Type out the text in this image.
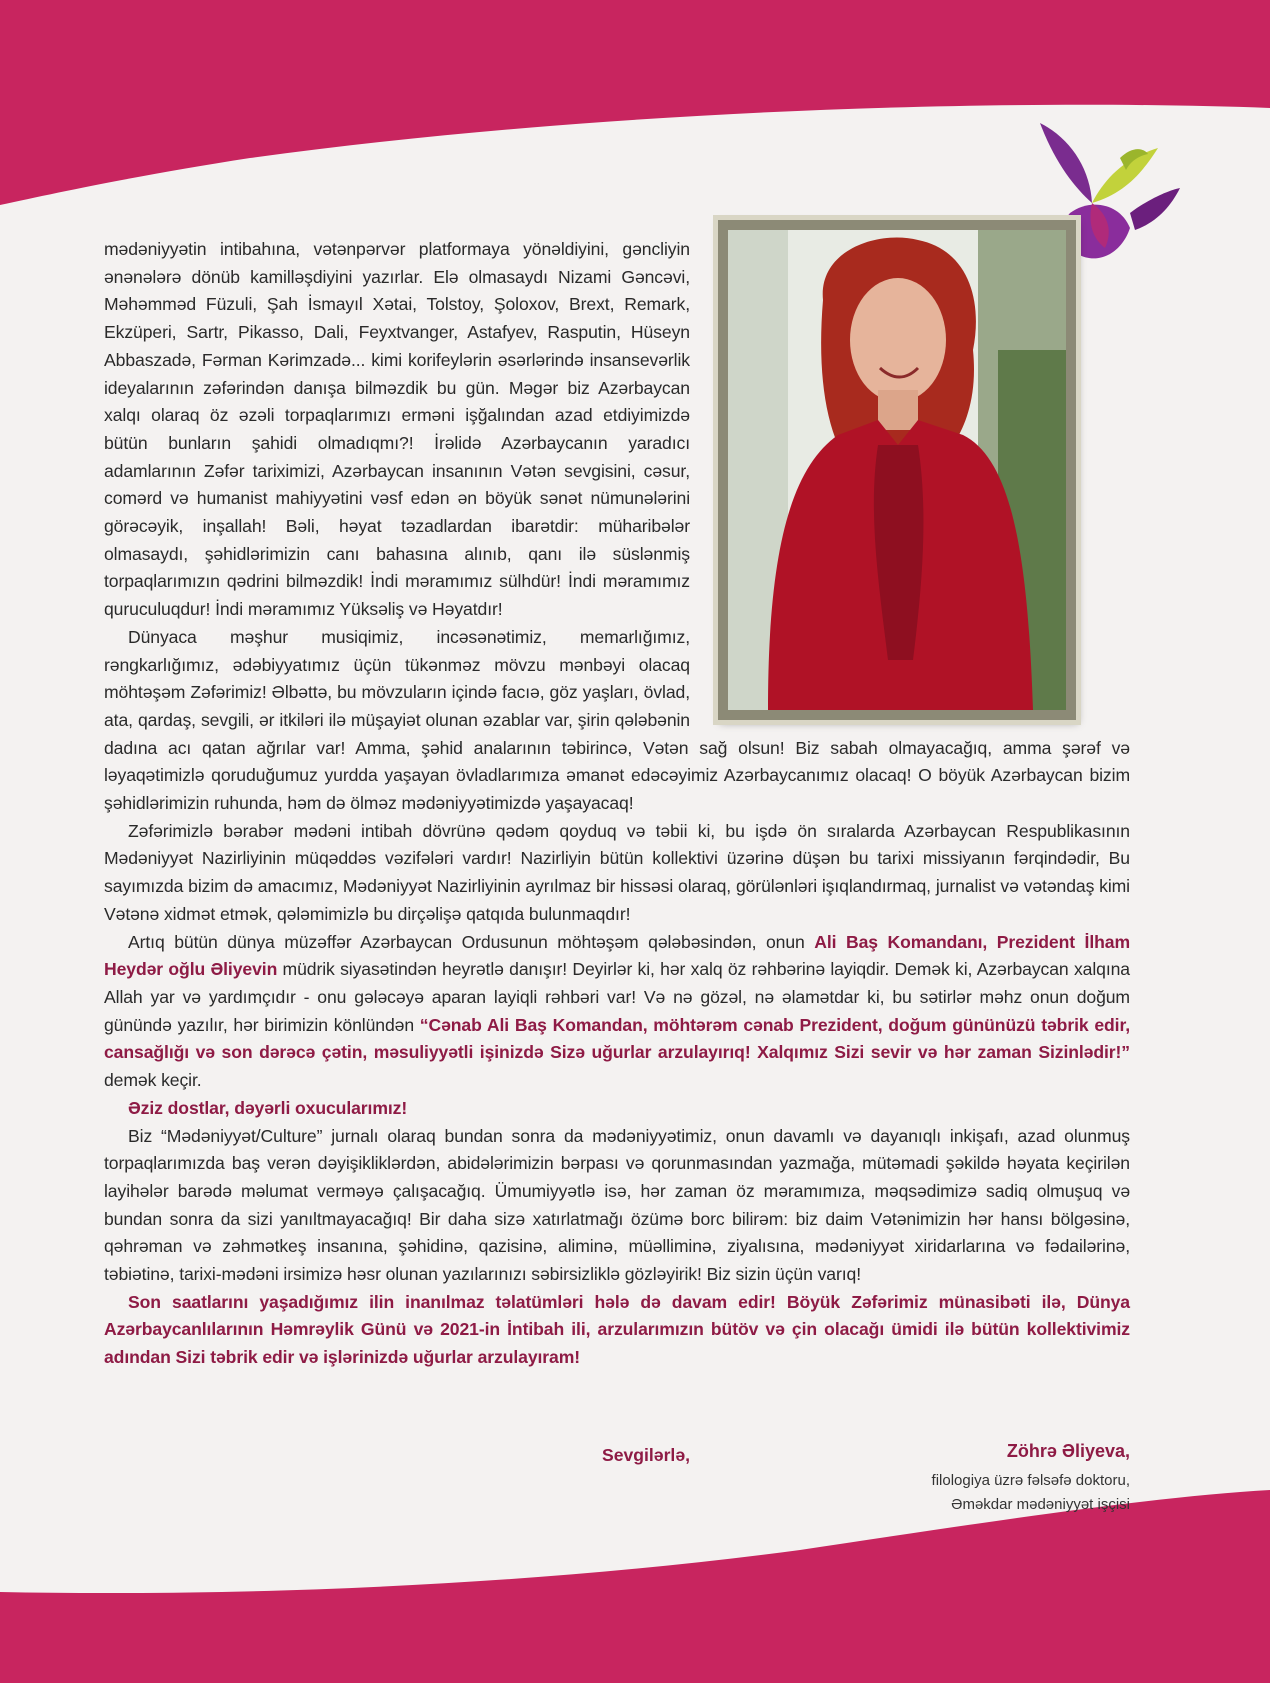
mədəniyyətin intibahına, vətənpərvər platformaya yönəldiyini, gəncliyin ənənələrə dönüb kamilləşdiyini yazırlar. Elə olmasaydı Nizami Gəncəvi, Məhəmməd Füzuli, Şah İsmayıl Xətai, Tolstoy, Şoloxov, Brext, Remark, Ekzüperi, Sartr, Pikasso, Dali, Feyxtvanger, Astafyev, Rasputin, Hüseyn Abbaszadə, Fərman Kərimzadə... kimi korifeylərin əsərlərində insansevərlik ideyalarının zəfərindən danışa bilməzdik bu gün. Məgər biz Azərbaycan xalqı olaraq öz əzəli torpaqlarımızı erməni işğalından azad etdiyimizdə bütün bunların şahidi olmadıqmı?! İrəlidə Azərbaycanın yaradıcı adamlarının Zəfər tariximizi, Azərbaycan insanının Vətən sevgisini, cəsur, comərd və humanist mahiyyətini vəsf edən ən böyük sənət nümunələrini görəcəyik, inşallah! Bəli, həyat təzadlardan ibarətdir: müharibələr olmasaydı, şəhidlərimizin canı bahasına alınıb, qanı ilə süslənmiş torpaqlarımızın qədrini bilməzdik! İndi məramımız sülhdür! İndi məramımız quruculuqdur! İndi məramımız Yüksəliş və Həyatdır!

Dünyaca məşhur musiqimiz, incəsənətimiz, memarlığımız, rəngkarlığımız, ədəbiyyatımız üçün tükənməz mövzu mənbəyi olacaq möhtəşəm Zəfərimiz! Əlbəttə, bu mövzuların içində facıə, göz yaşları, övlad, ata, qardaş, sevgili, ər itkiləri ilə müşayiət olunan əzablar var, şirin qələbənin dadına acı qatan ağrılar var! Amma, şəhid analarının təbirincə, Vətən sağ olsun! Biz sabah olmayacağıq, amma şərəf və ləyaqətimizlə qoruduğumuz yurdda yaşayan övladlarımıza əmanət edəcəyimiz Azərbaycanımız olacaq! O böyük Azərbaycan bizim şəhidlərimizin ruhunda, həm də ölməz mədəniyyətimizdə yaşayacaq!

Zəfərimizlə bərabər mədəni intibah dövrünə qədəm qoyduq və təbii ki, bu işdə ön sıralarda Azərbaycan Respublikasının Mədəniyyət Nazirliyinin müqəddəs vəzifələri vardır! Nazirliyin bütün kollektivi üzərinə düşən bu tarixi missiyanın fərqindədir, Bu sayımızda bizim də amacımız, Mədəniyyət Nazirliyinin ayrılmaz bir hissəsi olaraq, görülənləri işıqlandırmaq, jurnalist və vətəndaş kimi Vətənə xidmət etmək, qələmimizlə bu dirçəlişə qatqıda bulunmaqdır!

Artıq bütün dünya müzəffər Azərbaycan Ordusunun möhtəşəm qələbəsindən, onun Ali Baş Komandanı, Prezident İlham Heydər oğlu Əliyevin müdrik siyasətindən heyrətlə danışır! Deyirlər ki, hər xalq öz rəhbərinə layiqdir. Demək ki, Azərbaycan xalqına Allah yar və yardımçıdır - onu gələcəyə aparan layiqli rəhbəri var! Və nə gözəl, nə əlamətdar ki, bu sətirlər məhz onun doğum günündə yazılır, hər birimizin könlündən “Cənab Ali Baş Komandan, möhtərəm cənab Prezident, doğum gününüzü təbrik edir, cansağlığı və son dərəcə çətin, məsuliyyətli işinizdə Sizə uğurlar arzulayırıq! Xalqımız Sizi sevir və hər zaman Sizinlədir!” demək keçir.

Əziz dostlar, dəyərli oxucularımız!

Biz “Mədəniyyət/Culture” jurnalı olaraq bundan sonra da mədəniyyətimiz, onun davamlı və dayanıqlı inkişafı, azad olunmuş torpaqlarımızda baş verən dəyişikliklərdən, abidələrimizin bərpası və qorunmasından yazmağa, mütəmadi şəkildə həyata keçirilən layihələr barədə məlumat verməyə çalışacağıq. Ümumiyyətlə isə, hər zaman öz məramımıza, məqsədimizə sadiq olmuşuq və bundan sonra da sizi yanıltmayacağıq! Bir daha sizə xatırlatmağı özümə borc bilirəm: biz daim Vətənimizin hər hansı bölgəsinə, qəhrəman və zəhmətkeş insanına, şəhidinə, qazisinə, aliminə, müəlliminə, ziyalısına, mədəniyyət xiridarlarına və fədailərinə, təbiətinə, tarixi-mədəni irsimizə həsr olunan yazılarınızı səbirsizliklə gözləyirik! Biz sizin üçün varıq!

Son saatlarını yaşadığımız ilin inanılmaz təlatümləri hələ də davam edir! Böyük Zəfərimiz münasibəti ilə, Dünya Azərbaycanlılarının Həmrəylik Günü və 2021-in İntibah ili, arzularımızın bütöv və çin olacağı ümidi ilə bütün kollektivimiz adından Sizi təbrik edir və işlərinizdə uğurlar arzulayıram!

Sevgilərlə,	Zöhrə Əliyeva,
filologiya üzrə fəlsəfə doktoru,
Əməkdar mədəniyyət işçisi
